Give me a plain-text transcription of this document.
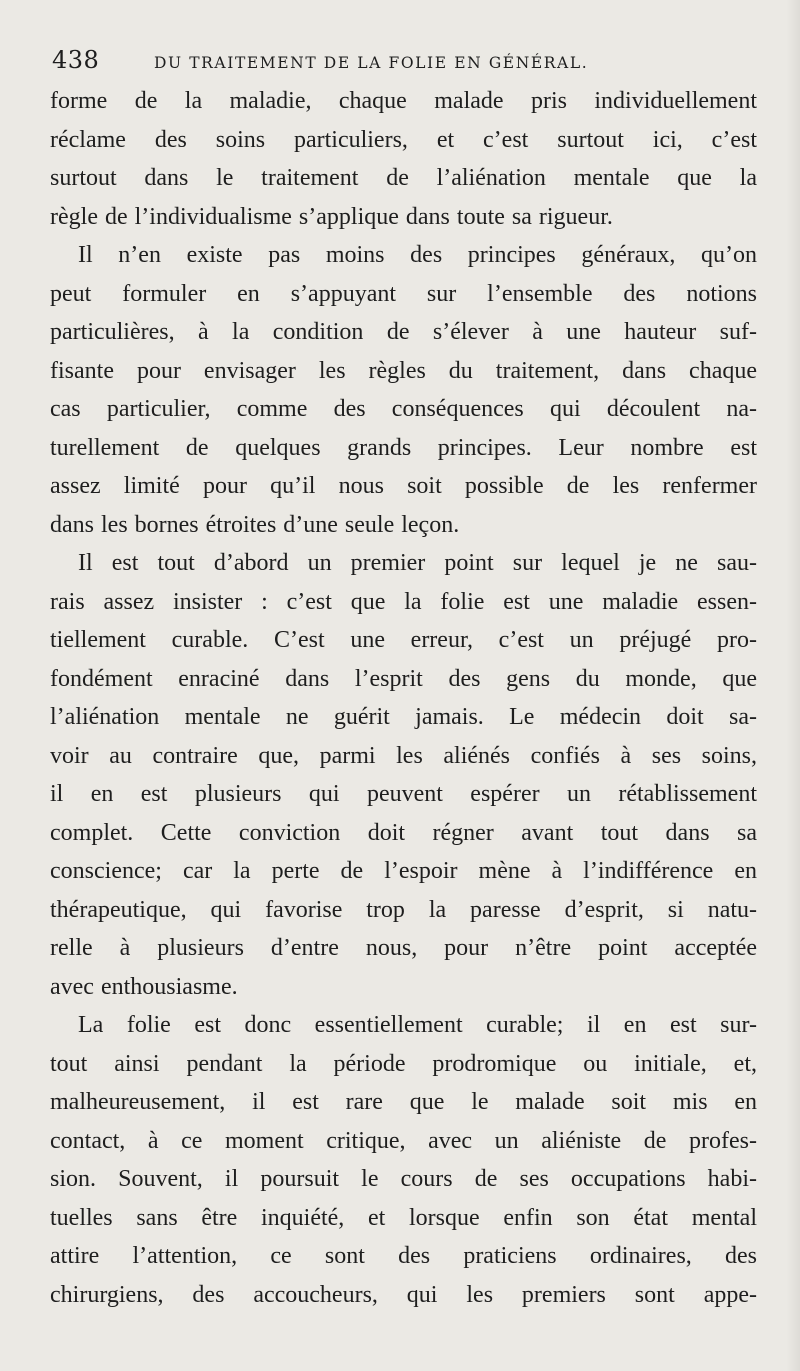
438	DU TRAITEMENT DE LA FOLIE EN GÉNÉRAL.
forme de la maladie, chaque malade pris individuellement
réclame des soins particuliers, et c’est surtout ici, c’est
surtout dans le traitement de l’aliénation mentale que la
règle de l’individualisme s’applique dans toute sa rigueur.
Il n’en existe pas moins des principes généraux, qu’on
peut formuler en s’appuyant sur l’ensemble des notions
particulières, à la condition de s’élever à une hauteur suf-
fisante pour envisager les règles du traitement, dans chaque
cas particulier, comme des conséquences qui découlent na-
turellement de quelques grands principes. Leur nombre est
assez limité pour qu’il nous soit possible de les renfermer
dans les bornes étroites d’une seule leçon.
Il est tout d’abord un premier point sur lequel je ne sau-
rais assez insister : c’est que la folie est une maladie essen-
tiellement curable. C’est une erreur, c’est un préjugé pro-
fondément enraciné dans l’esprit des gens du monde, que
l’aliénation mentale ne guérit jamais. Le médecin doit sa-
voir au contraire que, parmi les aliénés confiés à ses soins,
il en est plusieurs qui peuvent espérer un rétablissement
complet. Cette conviction doit régner avant tout dans sa
conscience; car la perte de l’espoir mène à l’indifférence en
thérapeutique, qui favorise trop la paresse d’esprit, si natu-
relle à plusieurs d’entre nous, pour n’être point acceptée
avec enthousiasme.
La folie est donc essentiellement curable; il en est sur-
tout ainsi pendant la période prodromique ou initiale, et,
malheureusement, il est rare que le malade soit mis en
contact, à ce moment critique, avec un aliéniste de profes-
sion. Souvent, il poursuit le cours de ses occupations habi-
tuelles sans être inquiété, et lorsque enfin son état mental
attire l’attention, ce sont des praticiens ordinaires, des
chirurgiens, des accoucheurs, qui les premiers sont appe-
